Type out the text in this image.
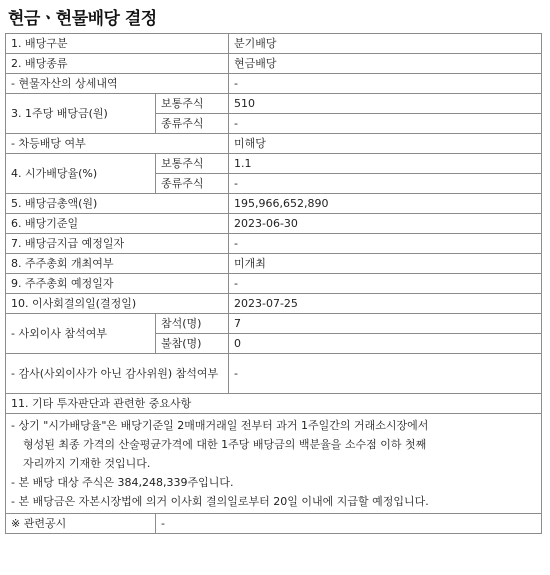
현금ㆍ현물배당 결정
1. 배당구분		분기배당
2. 배당종류		현금배당
- 현물자산의 상세내역		-
3. 1주당 배당금(원)	보통주식	510
	종류주식	-
- 차등배당 여부		미해당
4. 시가배당율(%)	보통주식	1.1
	종류주식	-
5. 배당금총액(원)		195,966,652,890
6. 배당기준일		2023-06-30
7. 배당금지급 예정일자		-
8. 주주총회 개최여부		미개최
9. 주주총회 예정일자		-
10. 이사회결의일(결정일)		2023-07-25
- 사외이사 참석여부	참석(명)	7
	불참(명)	0
- 감사(사외이사가 아닌 감사위원) 참석여부		-
11. 기타 투자판단과 관련한 중요사항		

- 상기 "시가배당율"은 배당기준일 2매매거래일 전부터 과거 1주일간의 거래소시장에서
형성된 최종 가격의 산술평균가격에 대한 1주당 배당금의 백분율을 소수점 이하 첫째
자리까지 기재한 것입니다.
- 본 배당 대상 주식은 384,248,339주입니다.
- 본 배당금은 자본시장법에 의거 이사회 결의일로부터 20일 이내에 지급할 예정입니다.		

※ 관련공시	-	
